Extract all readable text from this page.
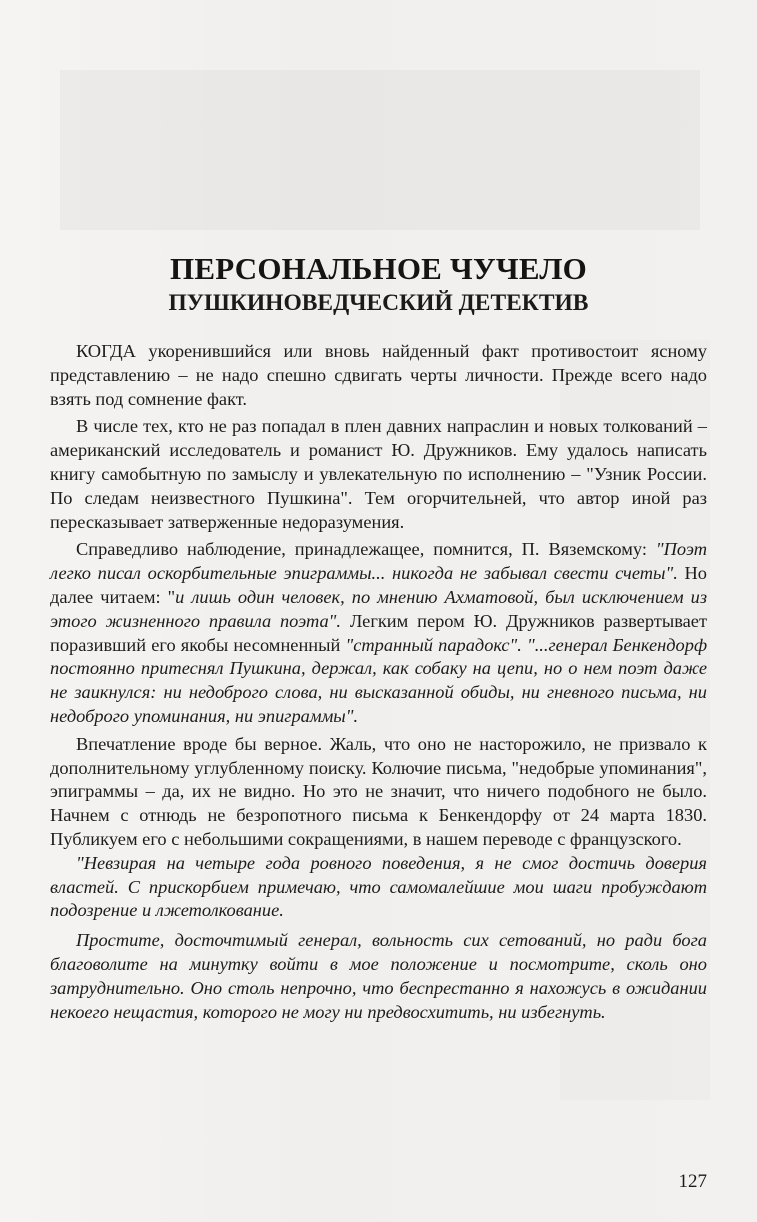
ПЕРСОНАЛЬНОЕ ЧУЧЕЛО
ПУШКИНОВЕДЧЕСКИЙ ДЕТЕКТИВ

КОГДА укоренившийся или вновь найденный факт противостоит ясному представлению – не надо спешно сдвигать черты личности. Прежде всего надо взять под сомнение факт.

В числе тех, кто не раз попадал в плен давних напраслин и новых толкований – американский исследователь и романист Ю. Дружников. Ему удалось написать книгу самобытную по замыслу и увлекательную по исполнению – "Узник России. По следам неизвестного Пушкина". Тем огорчительней, что автор иной раз пересказывает затверженные недоразумения.

Справедливо наблюдение, принадлежащее, помнится, П. Вяземскому: "Поэт легко писал оскорбительные эпиграммы... никогда не забывал свести счеты". Но далее читаем: "и лишь один человек, по мнению Ахматовой, был исключением из этого жизненного правила поэта". Легким пером Ю. Дружников развертывает поразивший его якобы несомненный "странный парадокс". "...генерал Бенкендорф постоянно притеснял Пушкина, держал, как собаку на цепи, но о нем поэт даже не заикнулся: ни недоброго слова, ни высказанной обиды, ни гневного письма, ни недоброго упоминания, ни эпиграммы".

Впечатление вроде бы верное. Жаль, что оно не насторожило, не призвало к дополнительному углубленному поиску. Колючие письма, "недобрые упоминания", эпиграммы – да, их не видно. Но это не значит, что ничего подобного не было. Начнем с отнюдь не безропотного письма к Бенкендорфу от 24 марта 1830. Публикуем его с небольшими сокращениями, в нашем переводе с французского.

"Невзирая на четыре года ровного поведения, я не смог достичь доверия властей. С прискорбием примечаю, что самомалейшие мои шаги пробуждают подозрение и лжетолкование.

Простите, досточтимый генерал, вольность сих сетований, но ради бога благоволите на минутку войти в мое положение и посмотрите, сколь оно затруднительно. Оно столь непрочно, что беспрестанно я нахожусь в ожидании некоего нещастия, которого не могу ни предвосхитить, ни избегнуть.

127
